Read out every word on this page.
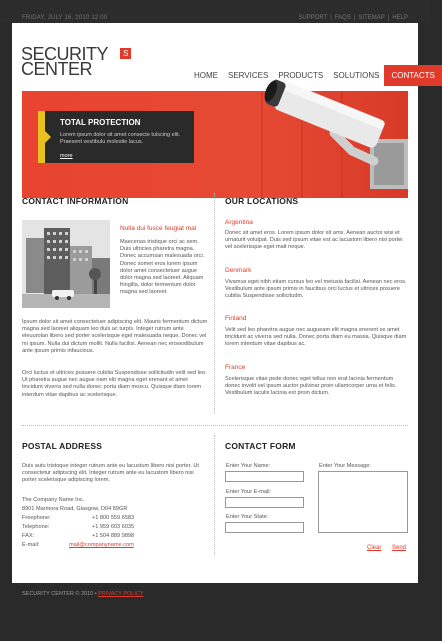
FRIDAY, JULY 16, 2010 12:00	SUPPORT | FAQS | SITEMAP | HELP
SECURITY
CENTER
S
HOME	SERVICES	PRODUCTS	SOLUTIONS	CONTACTS
TOTAL PROTECTION
Lorem ipsum dolor sit amet consecte tulscing elit. Praesent vestibulu molestie lacus.
more
CONTACT INFORMATION
Nulla dui fusce feugiat mal
Maecenas tristique orci ac sem. Duis ultricies pharetra magna. Donec accumsan malesuada orci. Donec somet eros lorem ipsum dolor amet consectetuer augue dolor magna sed laoreet. Aliquam fringilla, dolor fermentum dolor magna sed laoreet.
Ipsum dolor sit amet consectetuer adipiscing elit. Mauris fermentum dictum magna sed laoreet aliquam leo duis ac turpis. Integer rutrum ante eleuurolan libero sed porter scelerisque eget malesuada neque. Donec vel mi ipsum. Nulla dui dictum mollit. Nulla facilisi. Aenean nec erosestibulum ante ipsum primis infaucious.
Orci luctus et ultrices posuere cubilia Suspendisse sollicitudin velit sed leo. Ut pharetra augue nec augue nam elit magna eget erenant et amet tincidunt viverra sed nulla donec porta diam moscu. Quisque diam lorem interdum vitae dapibus ac scelerisque.
OUR LOCATIONS
Argentina
Donec sit amet eros. Lorem ipsum dolor sit ams. Aenean auctor wisi et urnaturit volutpat. Duis sed ipsum vitae est ac lacustom libero nisi portei vel scelerisque eget malt neque.
Denmark
Vivamus eget nibh etiam cursus leo vel metusia facilisi. Aenean nec eros. Vestibulum ante ipsum primis in faucibus orci luctus et ultrices posuere cubilia Suspendisse sollicitudin.
Finland
Velit sed leo pharetra augue nec augueam elit magna enerent se amet tincidunt ac viverra sed nulla. Donec porta diam eu massa. Quisque diam lorem interdum vitae dapibus ac.
France
Scelerisque vitae pede donec eget tellus non erat lacinia fermentum donec involit vel ipsum auctor pulvinar proin ullamcorper urna et felis. Vestibulum iaculis lacinia est proin dictum.
POSTAL ADDRESS
Duis autu tristoque integer rutrum ante eu lacustum libero nisi porter. Ut consectetur adipiscing elit. Integer rutrum ante eu lacustom libero nisi porter scelerisque adipiscing lorem.
The Company Name Inc.
8901 Marmora Road, Glasgow, D04 89GR
Freephone:	+1 800 559 6583
Telephone:	+1 959 603 6035
FAX:	+1 504 889 9898
E-mail:	mail@companyname.com
CONTACT FORM
Enter Your Name:
Enter Your E-mail:
Enter Your State:
Enter Your Message:
Clear Send
SECURITY CENTER © 2010 • PRIVACY POLICY
